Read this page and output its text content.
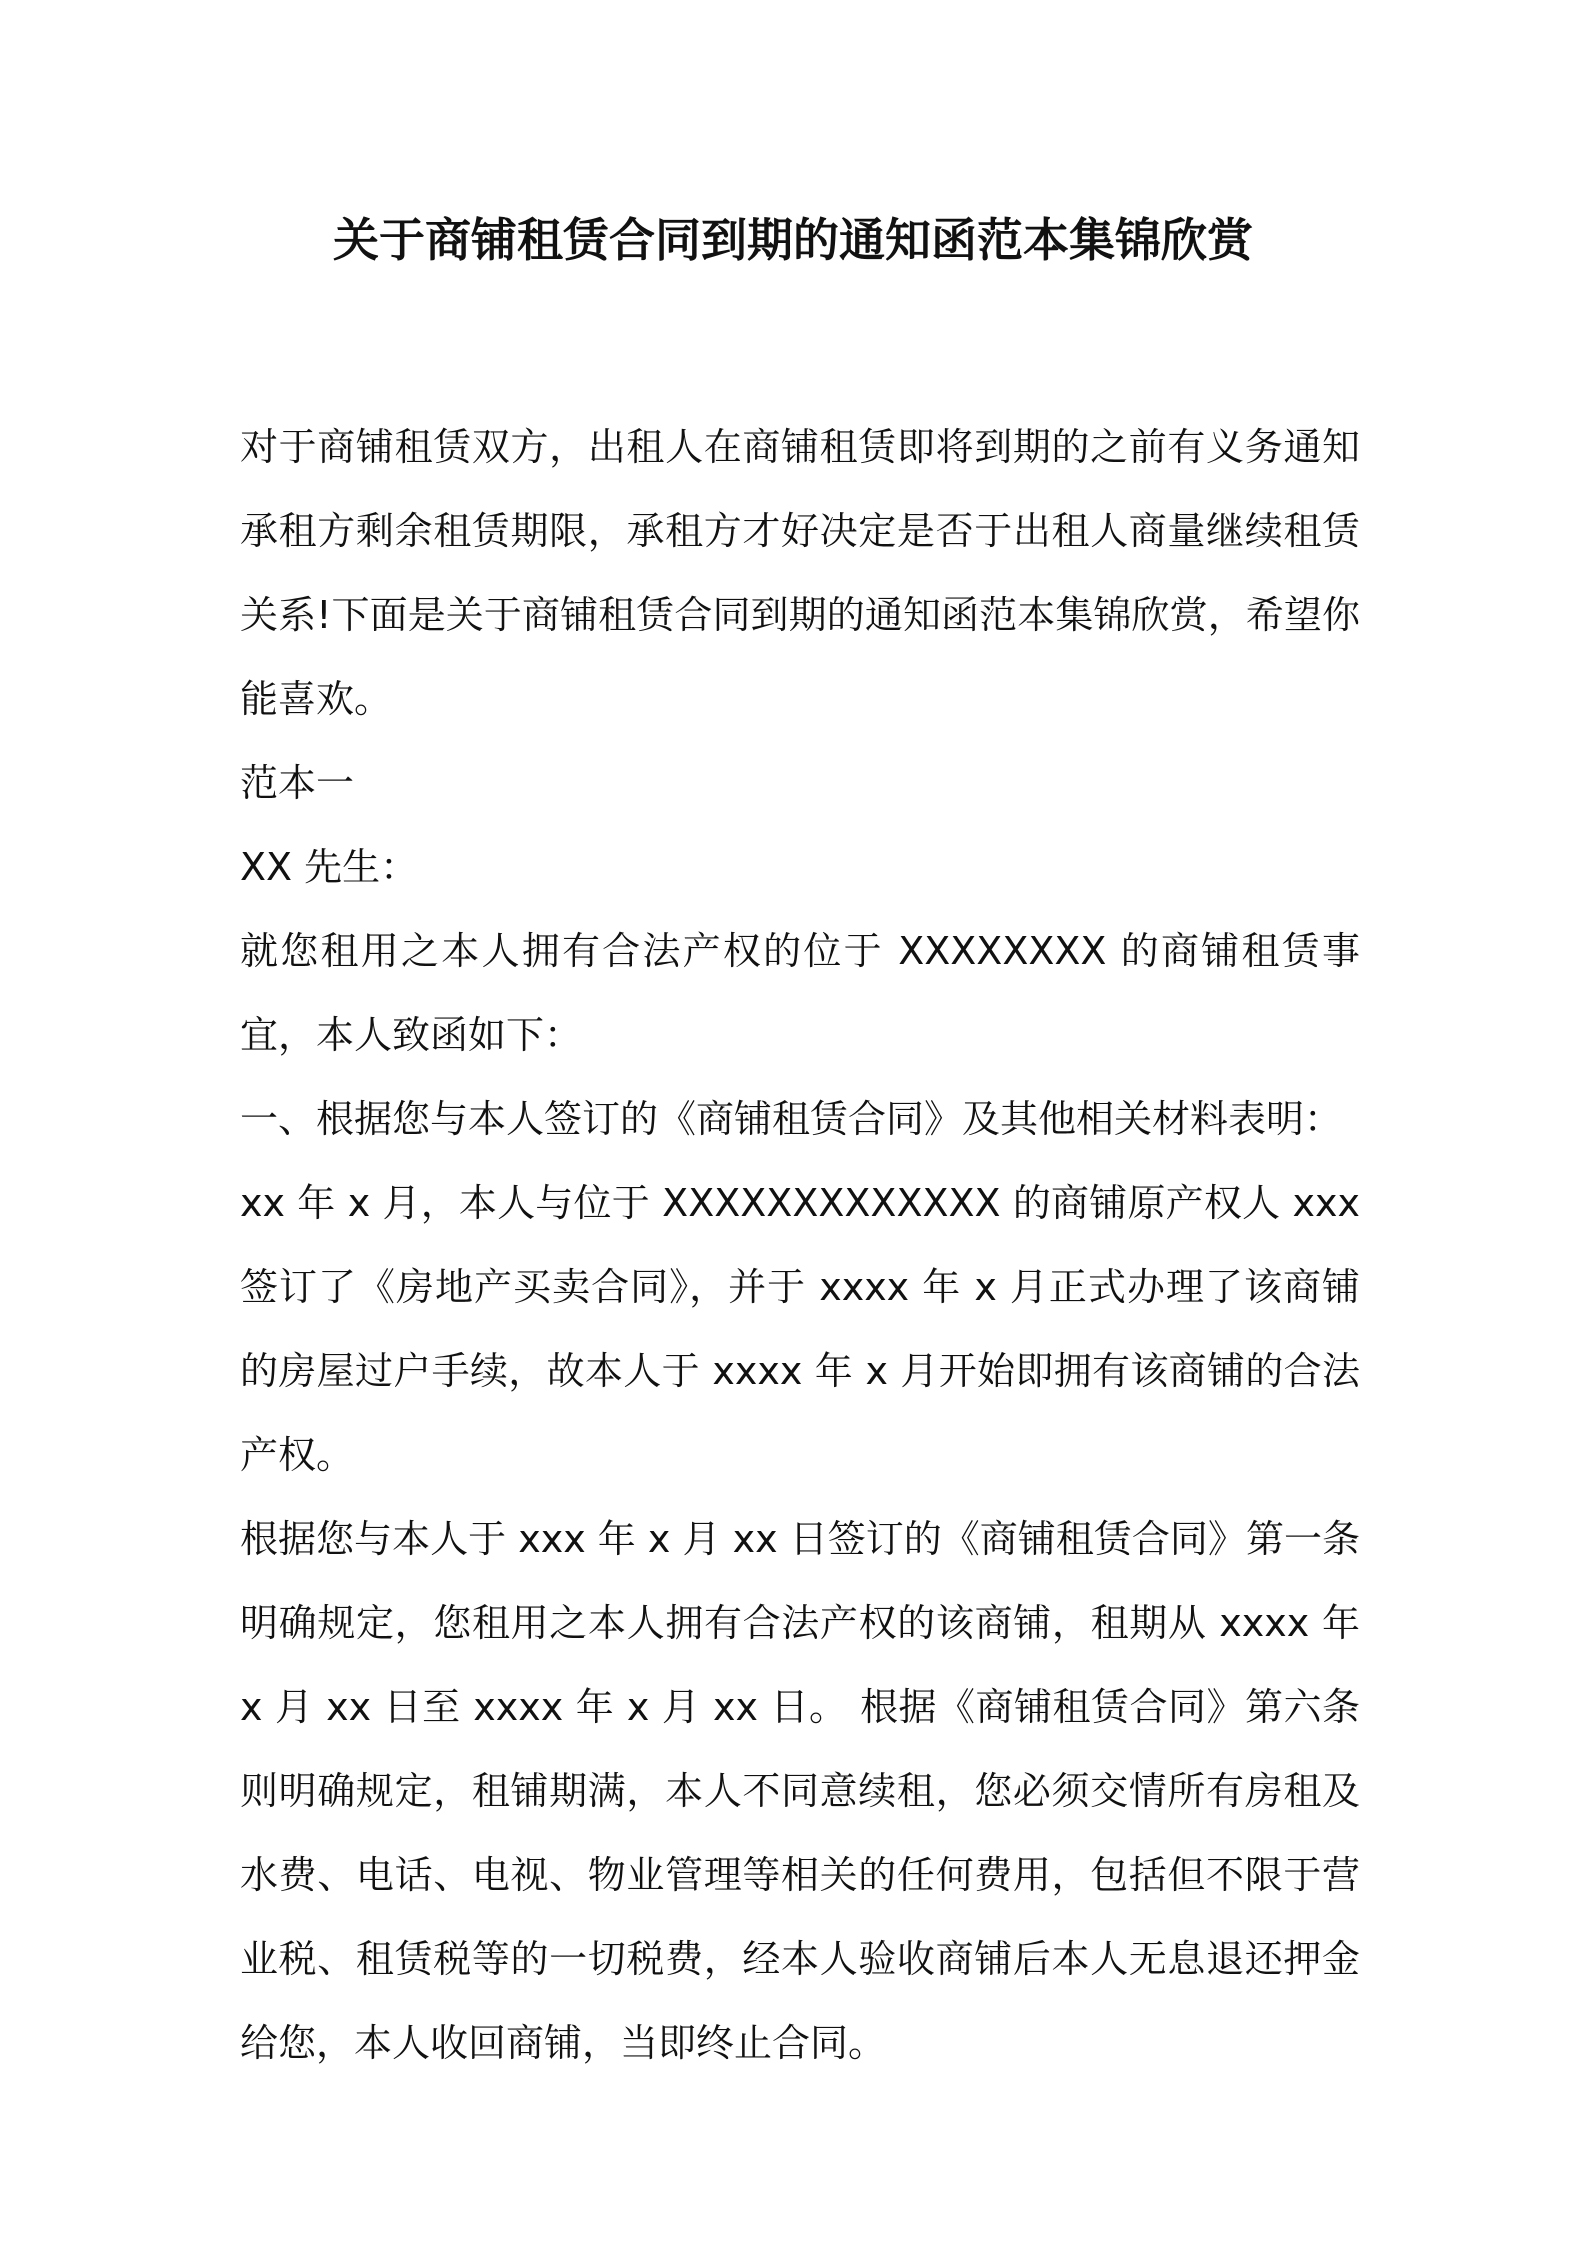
关于商铺租赁合同到期的通知函范本集锦欣赏

对于商铺租赁双方，出租人在商铺租赁即将到期的之前有义务通知承租方剩余租赁期限，承租方才好决定是否于出租人商量继续租赁关系!下面是关于商铺租赁合同到期的通知函范本集锦欣赏，希望你能喜欢。

范本一

XX 先生：

就您租用之本人拥有合法产权的位于 XXXXXXXX 的商铺租赁事宜，本人致函如下：

一、根据您与本人签订的《商铺租赁合同》及其他相关材料表明：

xx 年 x 月，本人与位于 XXXXXXXXXXXXX 的商铺原产权人 xxx 签订了《房地产买卖合同》，并于 xxxx 年 x 月正式办理了该商铺的房屋过户手续，故本人于 xxxx 年 x 月开始即拥有该商铺的合法产权。

根据您与本人于 xxx 年 x 月 xx 日签订的《商铺租赁合同》第一条明确规定，您租用之本人拥有合法产权的该商铺，租期从 xxxx 年 x 月 xx 日至 xxxx 年 x 月 xx 日。 根据《商铺租赁合同》第六条则明确规定，租铺期满，本人不同意续租，您必须交情所有房租及水费、电话、电视、物业管理等相关的任何费用，包括但不限于营业税、租赁税等的一切税费，经本人验收商铺后本人无息退还押金给您，本人收回商铺，当即终止合同。
